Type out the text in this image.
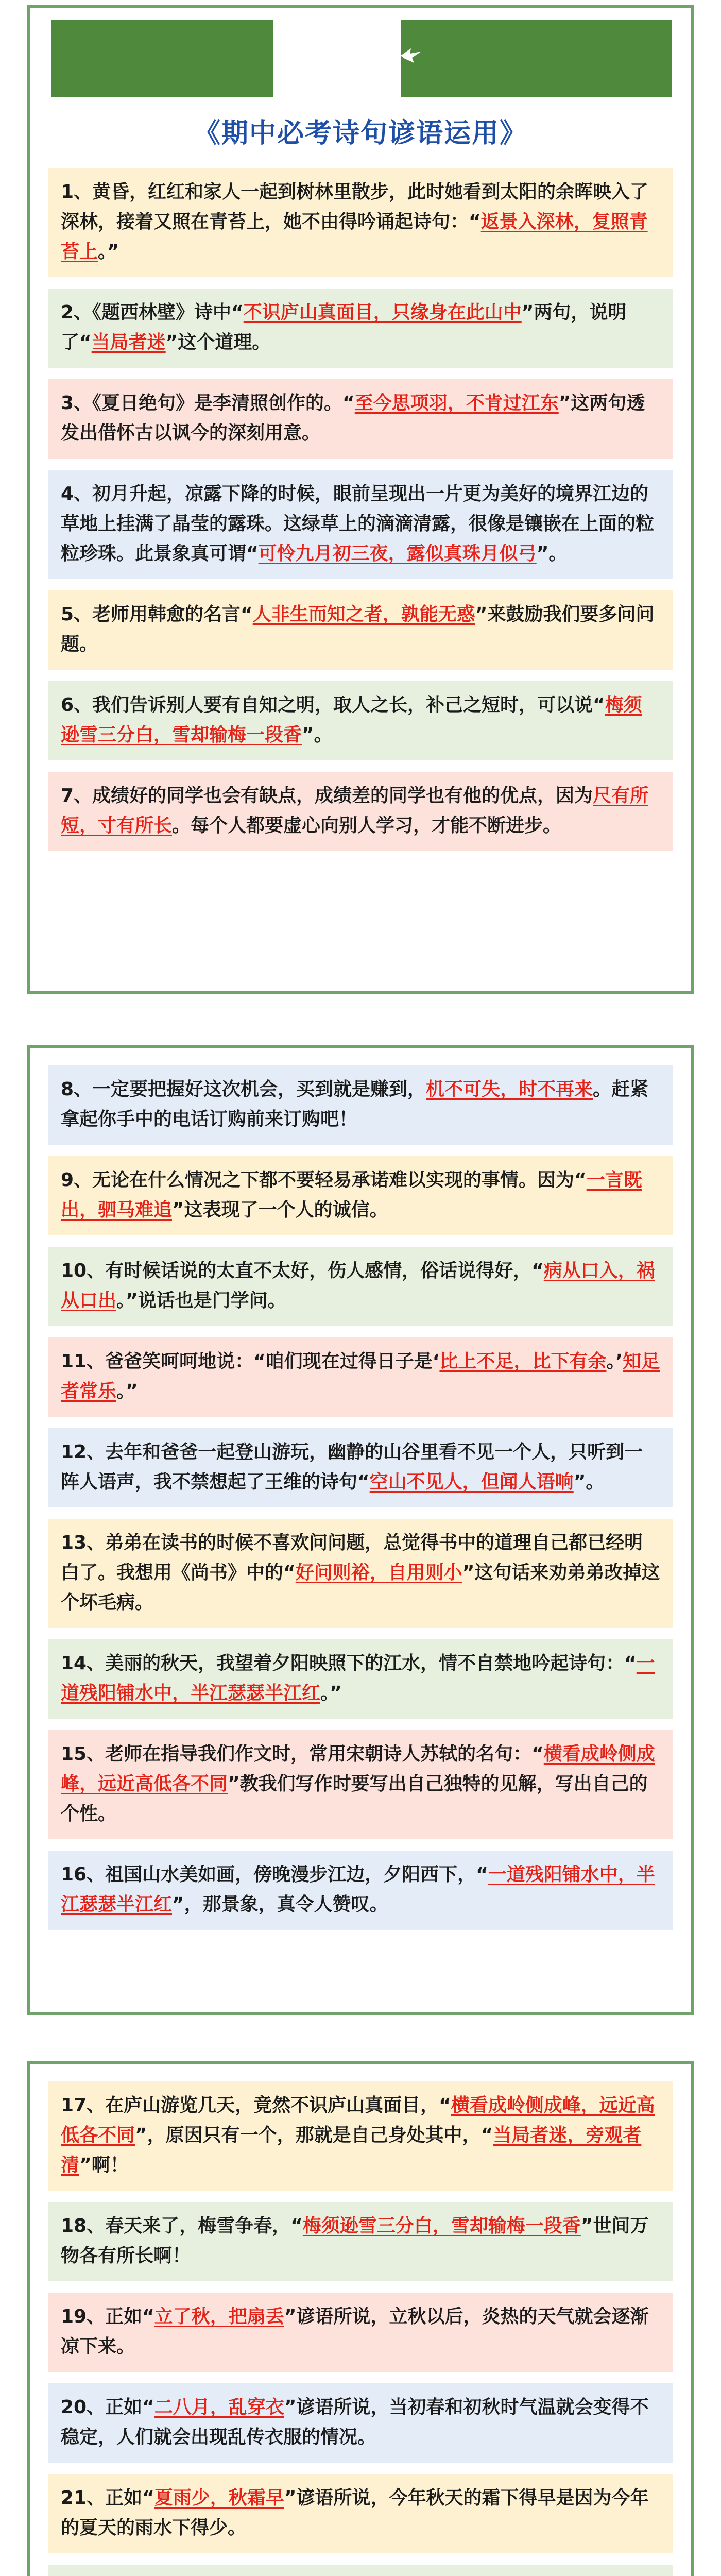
《期中必考诗句谚语运用》
1、黄昏，红红和家人一起到树林里散步，此时她看到太阳的余晖映入了深林，接着又照在青苔上，她不由得吟诵起诗句：“返景入深林，复照青苔上。”
2、《题西林壁》诗中“不识庐山真面目，只缘身在此山中”两句，说明了“当局者迷”这个道理。
3、《夏日绝句》是李清照创作的。“至今思项羽，不肯过江东”这两句透发出借怀古以讽今的深刻用意。
4、初月升起，凉露下降的时候，眼前呈现出一片更为美好的境界江边的草地上挂满了晶莹的露珠。这绿草上的滴滴清露，很像是镶嵌在上面的粒粒珍珠。此景象真可谓“可怜九月初三夜，露似真珠月似弓”。
5、老师用韩愈的名言“人非生而知之者，孰能无惑”来鼓励我们要多问问题。
6、我们告诉别人要有自知之明，取人之长，补己之短时，可以说“梅须逊雪三分白，雪却输梅一段香”。
7、成绩好的同学也会有缺点，成绩差的同学也有他的优点，因为尺有所短，寸有所长。每个人都要虚心向别人学习，才能不断进步。
8、一定要把握好这次机会，买到就是赚到，机不可失，时不再来。赶紧拿起你手中的电话订购前来订购吧！
9、无论在什么情况之下都不要轻易承诺难以实现的事情。因为“一言既出，驷马难追”这表现了一个人的诚信。
10、有时候话说的太直不太好，伤人感情，俗话说得好，“病从口入，祸从口出。”说话也是门学问。
11、爸爸笑呵呵地说：“咱们现在过得日子是‘比上不足，比下有余。’知足者常乐。”
12、去年和爸爸一起登山游玩，幽静的山谷里看不见一个人，只听到一阵人语声，我不禁想起了王维的诗句“空山不见人，但闻人语响”。
13、弟弟在读书的时候不喜欢问问题，总觉得书中的道理自己都已经明白了。我想用《尚书》中的“好问则裕，自用则小”这句话来劝弟弟改掉这个坏毛病。
14、美丽的秋天，我望着夕阳映照下的江水，情不自禁地吟起诗句：“一道残阳铺水中，半江瑟瑟半江红。”
15、老师在指导我们作文时，常用宋朝诗人苏轼的名句：“横看成岭侧成峰，远近高低各不同”教我们写作时要写出自己独特的见解，写出自己的个性。
16、祖国山水美如画，傍晚漫步江边，夕阳西下，“一道残阳铺水中，半江瑟瑟半江红”，那景象，真令人赞叹。
17、在庐山游览几天，竟然不识庐山真面目，“横看成岭侧成峰，远近高低各不同”，原因只有一个，那就是自己身处其中，“当局者迷，旁观者清”啊！
18、春天来了，梅雪争春，“梅须逊雪三分白，雪却输梅一段香”世间万物各有所长啊！
19、正如“立了秋，把扇丢”谚语所说，立秋以后，炎热的天气就会逐渐凉下来。
20、正如“二八月，乱穿衣”谚语所说，当初春和初秋时气温就会变得不稳定，人们就会出现乱传衣服的情况。
21、正如“夏雨少，秋霜早”谚语所说，今年秋天的霜下得早是因为今年的夏天的雨水下得少。
